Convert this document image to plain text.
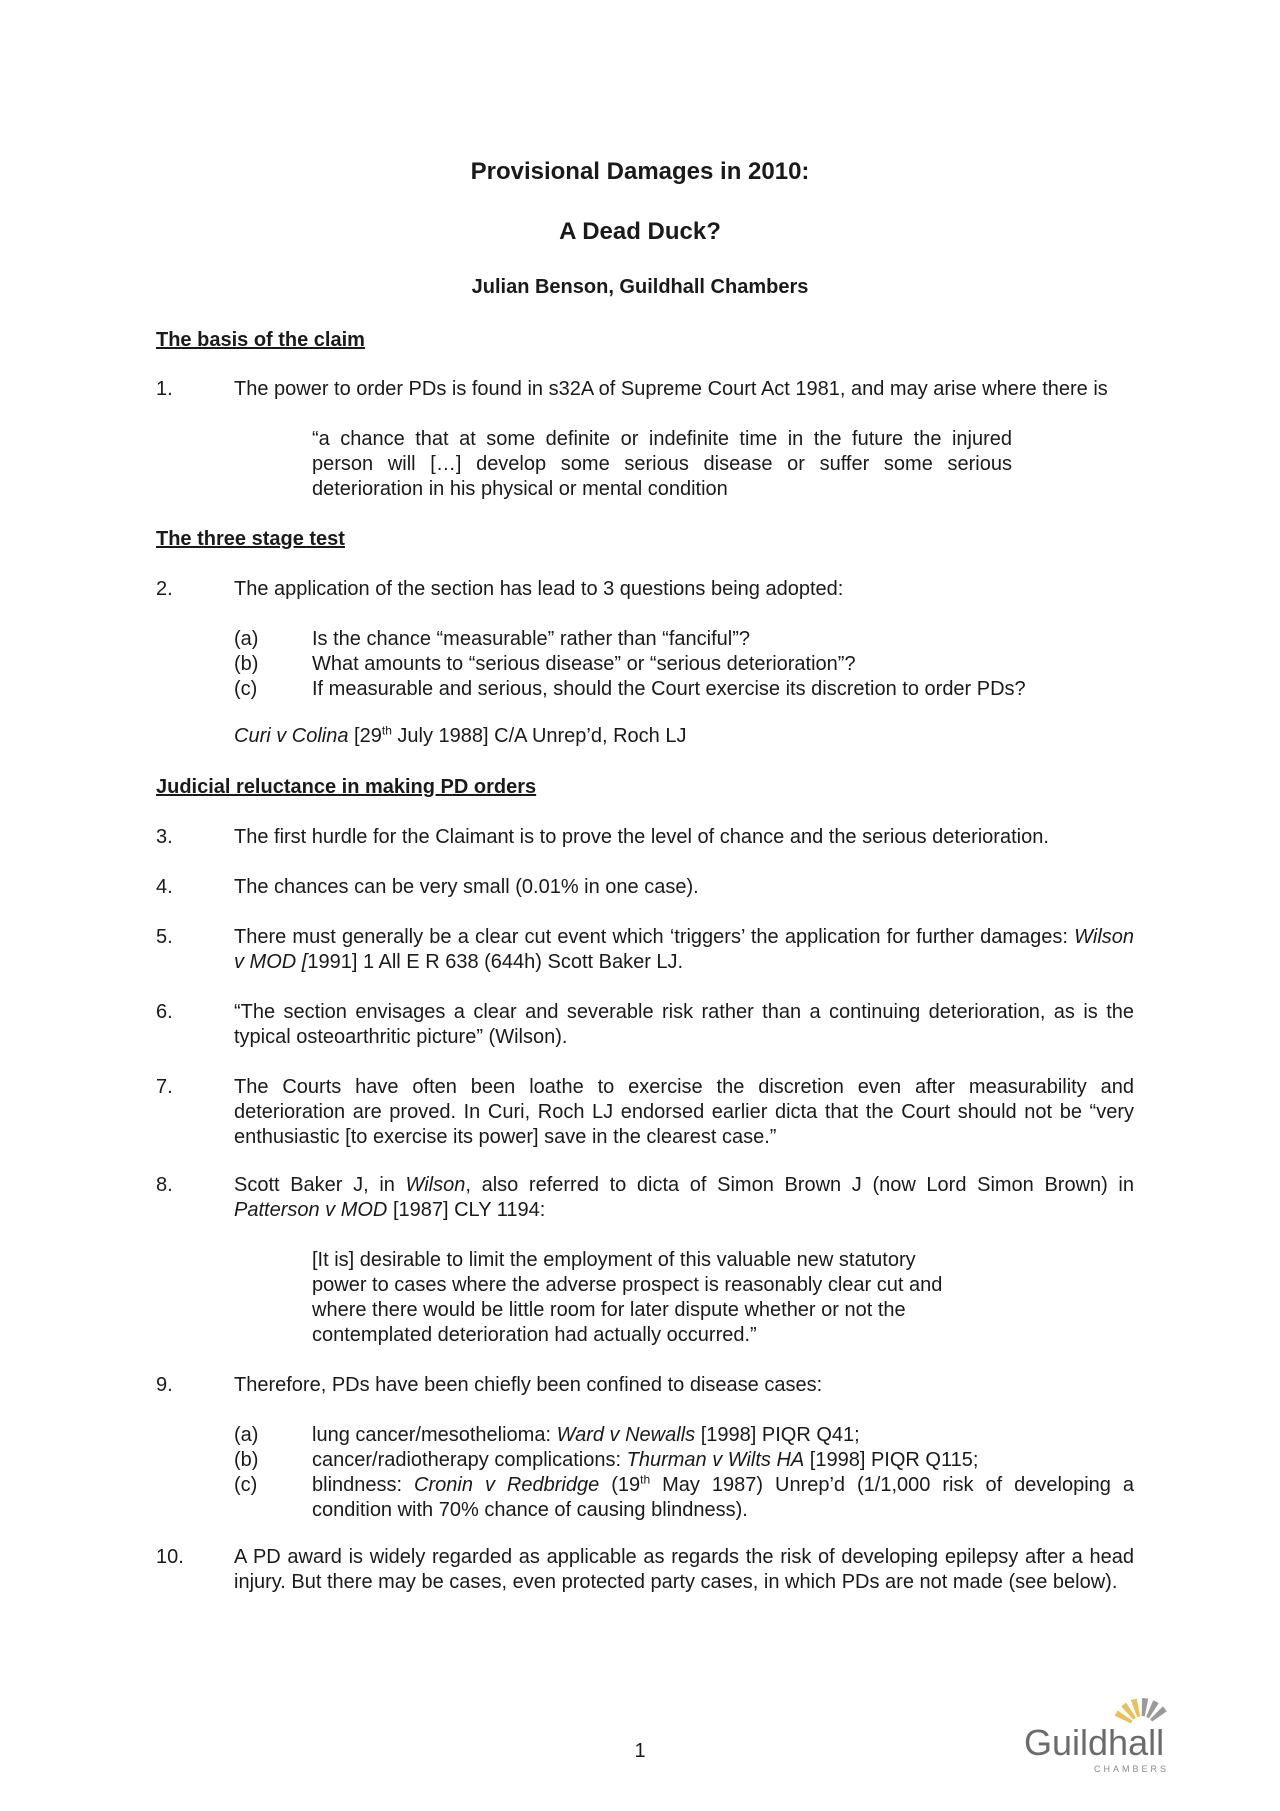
Provisional Damages in 2010:
A Dead Duck?
Julian Benson, Guildhall Chambers
The basis of the claim
1.	The power to order PDs is found in s32A of Supreme Court Act 1981, and may arise where there is
“a chance that at some definite or indefinite time in the future the injured person will […] develop some serious disease or suffer some serious deterioration in his physical or mental condition
The three stage test
2.	The application of the section has lead to 3 questions being adopted:
(a)	Is the chance “measurable” rather than “fanciful”?
(b)	What amounts to “serious disease” or “serious deterioration”?
(c)	If measurable and serious, should the Court exercise its discretion to order PDs?
Curi v Colina [29th July 1988] C/A Unrep’d, Roch LJ
Judicial reluctance in making PD orders
3.	The first hurdle for the Claimant is to prove the level of chance and the serious deterioration.
4.	The chances can be very small (0.01% in one case).
5.	There must generally be a clear cut event which ‘triggers’ the application for further damages: Wilson v MOD [1991] 1 All E R 638 (644h) Scott Baker LJ.
6.	“The section envisages a clear and severable risk rather than a continuing deterioration, as is the typical osteoarthritic picture” (Wilson).
7.	The Courts have often been loathe to exercise the discretion even after measurability and deterioration are proved. In Curi, Roch LJ endorsed earlier dicta that the Court should not be “very enthusiastic [to exercise its power] save in the clearest case.”
8.	Scott Baker J, in Wilson, also referred to dicta of Simon Brown J (now Lord Simon Brown) in Patterson v MOD [1987] CLY 1194:
[It is] desirable to limit the employment of this valuable new statutory power to cases where the adverse prospect is reasonably clear cut and where there would be little room for later dispute whether or not the contemplated deterioration had actually occurred.”
9.	Therefore, PDs have been chiefly been confined to disease cases:
(a)	lung cancer/mesothelioma: Ward v Newalls [1998] PIQR Q41;
(b)	cancer/radiotherapy complications: Thurman v Wilts HA [1998] PIQR Q115;
(c)	blindness: Cronin v Redbridge (19th May 1987) Unrep’d (1/1,000 risk of developing a condition with 70% chance of causing blindness).
10.	A PD award is widely regarded as applicable as regards the risk of developing epilepsy after a head injury. But there may be cases, even protected party cases, in which PDs are not made (see below).
1	Guildhall
CHAMBERS
